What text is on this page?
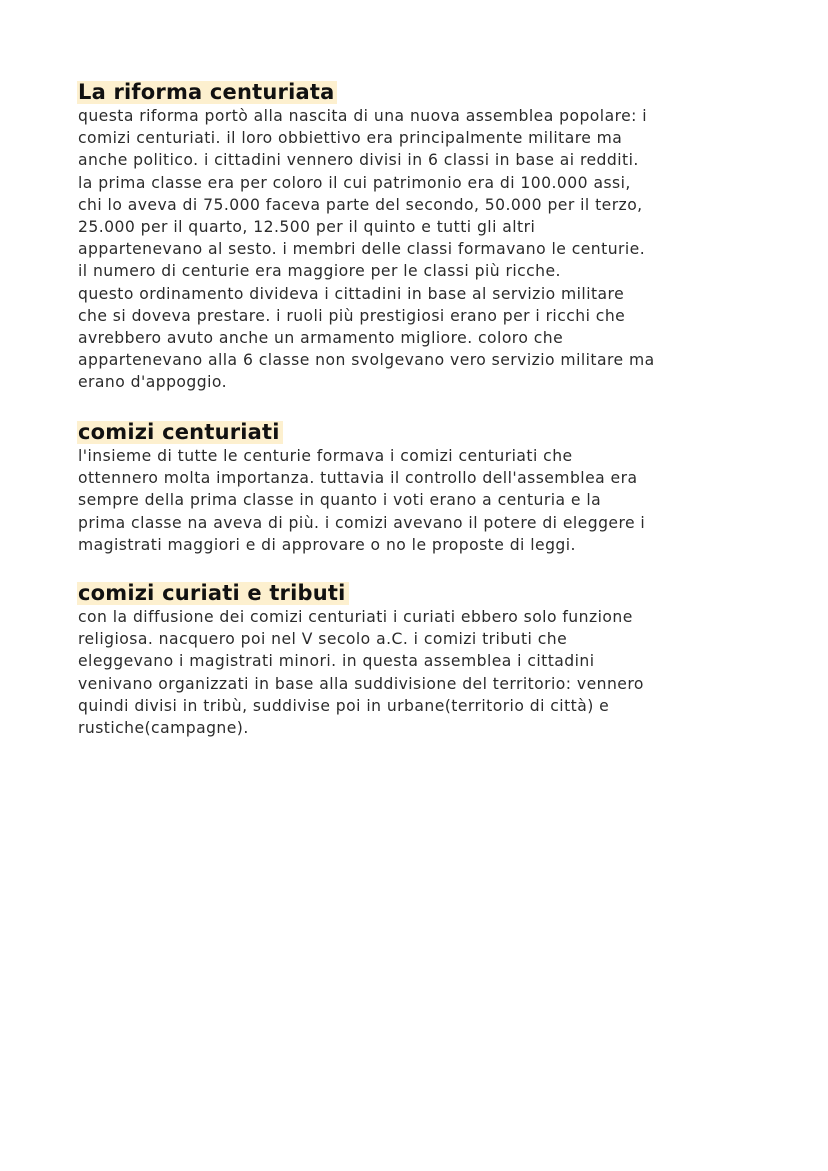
La riforma centuriata

questa riforma portò alla nascita di una nuova assemblea popolare: i
comizi centuriati. il loro obbiettivo era principalmente militare ma
anche politico. i cittadini vennero divisi in 6 classi in base ai redditi.
la prima classe era per coloro il cui patrimonio era di 100.000 assi,
chi lo aveva di 75.000 faceva parte del secondo, 50.000 per il terzo,
25.000 per il quarto, 12.500 per il quinto e tutti gli altri
appartenevano al sesto. i membri delle classi formavano le centurie.
il numero di centurie era maggiore per le classi più ricche.
questo ordinamento divideva i cittadini in base al servizio militare
che si doveva prestare. i ruoli più prestigiosi erano per i ricchi che
avrebbero avuto anche un armamento migliore. coloro che
appartenevano alla 6 classe non svolgevano vero servizio militare ma
erano d'appoggio.

comizi centuriati

l'insieme di tutte le centurie formava i comizi centuriati che
ottennero molta importanza. tuttavia il controllo dell'assemblea era
sempre della prima classe in quanto i voti erano a centuria e la
prima classe na aveva di più. i comizi avevano il potere di eleggere i
magistrati maggiori e di approvare o no le proposte di leggi.

comizi curiati e tributi

con la diffusione dei comizi centuriati i curiati ebbero solo funzione
religiosa. nacquero poi nel V secolo a.C. i comizi tributi che
eleggevano i magistrati minori. in questa assemblea i cittadini
venivano organizzati in base alla suddivisione del territorio: vennero
quindi divisi in tribù, suddivise poi in urbane(territorio di città) e
rustiche(campagne).
